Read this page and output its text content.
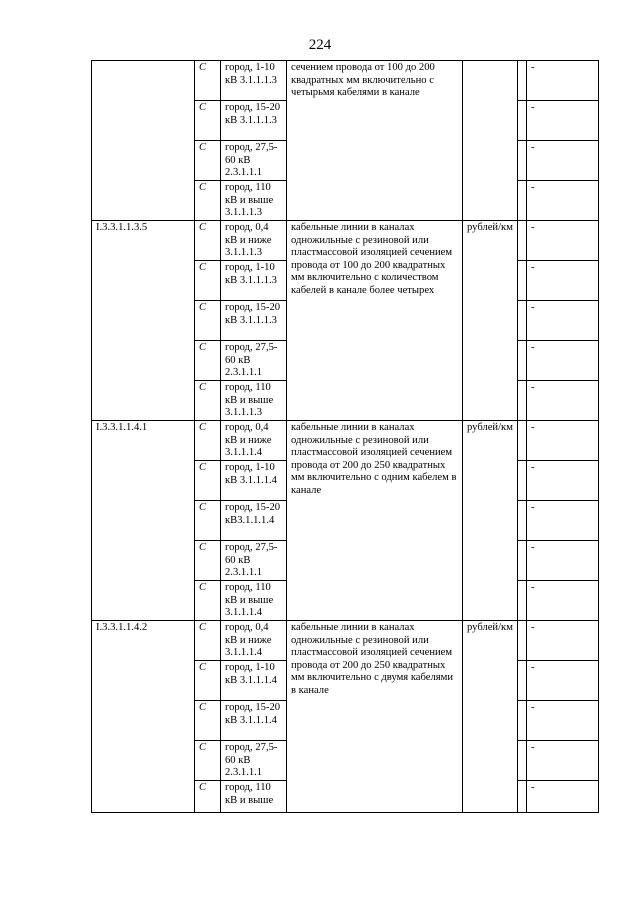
224
	С	город, 1-10 кВ 3.1.1.1.3	сечением провода от 100 до 200 квадратных мм включительно с четырьмя кабелями в канале			-
	С	город, 15-20 кВ 3.1.1.1.3				-
	С	город, 27,5-60 кВ 2.3.1.1.1				-
	С	город, 110 кВ и выше 3.1.1.1.3				-
I.3.3.1.1.3.5	С	город, 0,4 кВ и ниже 3.1.1.1.3	кабельные линии в каналах одножильные с резиновой или пластмассовой изоляцией сечением провода от 100 до 200 квадратных мм включительно с количеством кабелей в канале более четырех	рублей/км		-
	С	город, 1-10 кВ 3.1.1.1.3				-
	С	город, 15-20 кВ 3.1.1.1.3				-
	С	город, 27,5-60 кВ 2.3.1.1.1				-
	С	город, 110 кВ и выше 3.1.1.1.3				-
I.3.3.1.1.4.1	С	город, 0,4 кВ и ниже 3.1.1.1.4	кабельные линии в каналах одножильные с резиновой или пластмассовой изоляцией сечением провода от 200 до 250 квадратных мм включительно с одним кабелем в канале	рублей/км		-
	С	город, 1-10 кВ 3.1.1.1.4				-
	С	город, 15-20 кВ3.1.1.1.4				-
	С	город, 27,5-60 кВ 2.3.1.1.1				-
	С	город, 110 кВ и выше 3.1.1.1.4				-
I.3.3.1.1.4.2	С	город, 0,4 кВ и ниже 3.1.1.1.4	кабельные линии в каналах одножильные с резиновой или пластмассовой изоляцией сечением провода от 200 до 250 квадратных мм включительно с двумя кабелями в канале	рублей/км		-
	С	город, 1-10 кВ 3.1.1.1.4				-
	С	город, 15-20 кВ 3.1.1.1.4				-
	С	город, 27,5-60 кВ 2.3.1.1.1				-
	С	город, 110 кВ и выше				-
